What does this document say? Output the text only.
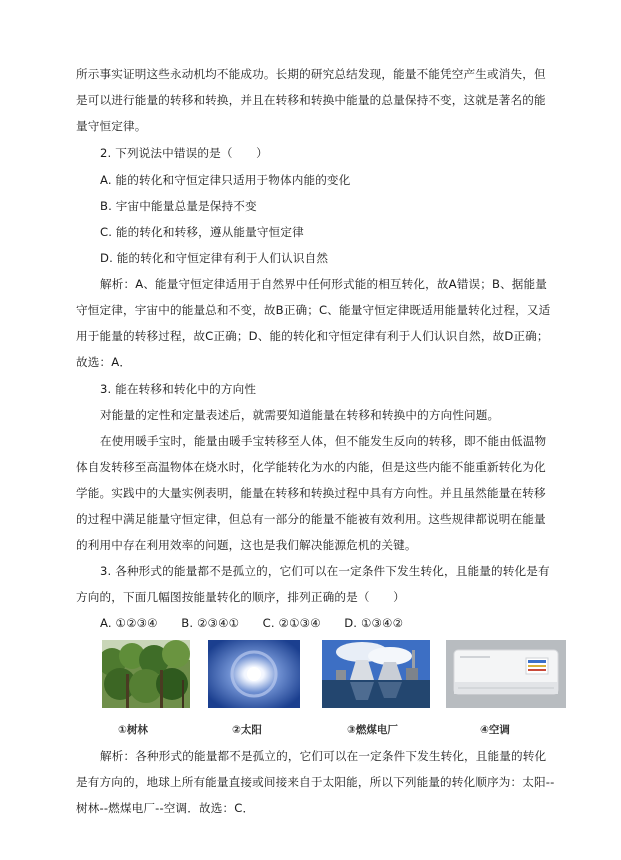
所示事实证明这些永动机均不能成功。长期的研究总结发现，能量不能凭空产生或消失，但
是可以进行能量的转移和转换，并且在转移和转换中能量的总量保持不变，这就是著名的能
量守恒定律。
2. 下列说法中错误的是（　　）
A. 能的转化和守恒定律只适用于物体内能的变化
B. 宇宙中能量总量是保持不变
C. 能的转化和转移，遵从能量守恒定律
D. 能的转化和守恒定律有利于人们认识自然
解析：A、能量守恒定律适用于自然界中任何形式能的相互转化，故A错误；B、据能量
守恒定律，宇宙中的能量总和不变，故B正确；C、能量守恒定律既适用能量转化过程，又适
用于能量的转移过程，故C正确；D、能的转化和守恒定律有利于人们认识自然，故D正确；
故选：A．
3. 能在转移和转化中的方向性
对能量的定性和定量表述后，就需要知道能量在转移和转换中的方向性问题。
在使用暖手宝时，能量由暖手宝转移至人体，但不能发生反向的转移，即不能由低温物
体自发转移至高温物体在烧水时，化学能转化为水的内能，但是这些内能不能重新转化为化
学能。实践中的大量实例表明，能量在转移和转换过程中具有方向性。并且虽然能量在转移
的过程中满足能量守恒定律，但总有一部分的能量不能被有效利用。这些规律都说明在能量
的利用中存在利用效率的问题，这也是我们解决能源危机的关键。
3. 各种形式的能量都不是孤立的，它们可以在一定条件下发生转化，且能量的转化是有
方向的，下面几幅图按能量转化的顺序，排列正确的是（　　）
A. ①②③④　　B. ②③④①　　C. ②①③④　　D. ①③④②
①树林	②太阳	③燃煤电厂	④空调
解析：各种形式的能量都不是孤立的，它们可以在一定条件下发生转化，且能量的转化
是有方向的，地球上所有能量直接或间接来自于太阳能，所以下列能量的转化顺序为：太阳--
树林--燃煤电厂--空调．故选：C．
